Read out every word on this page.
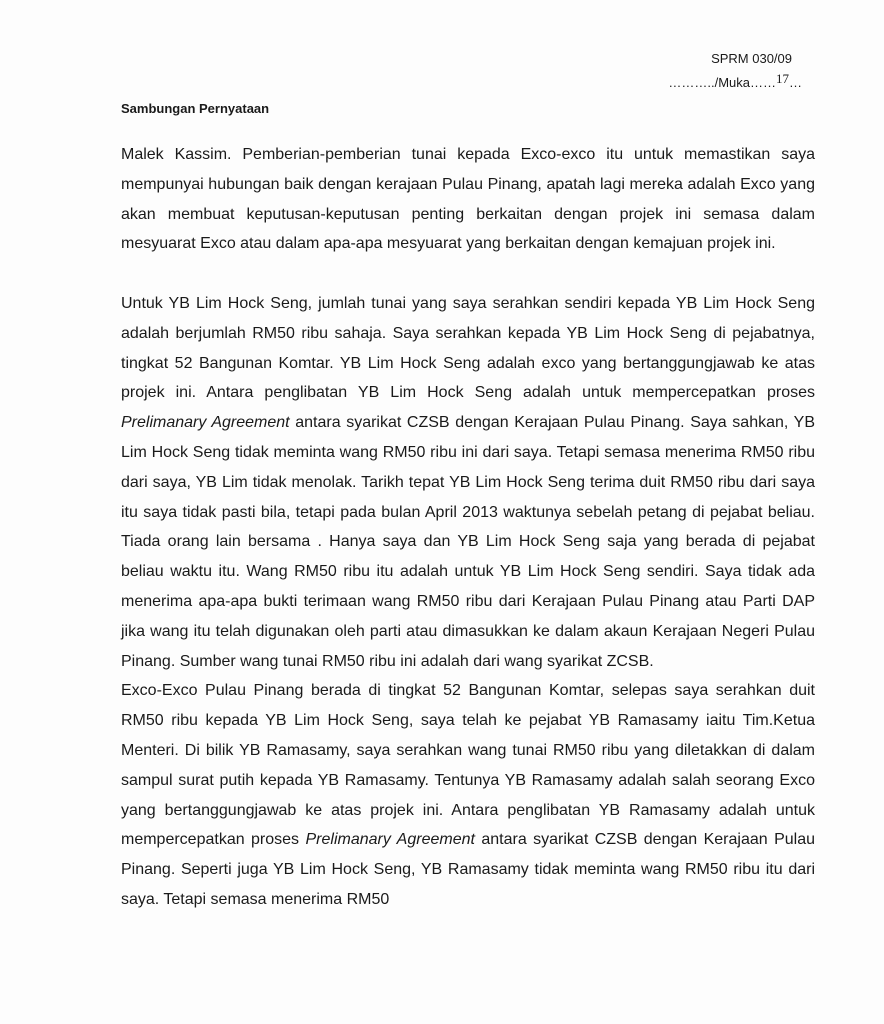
SPRM 030/09
………../Muka……17…
Sambungan Pernyataan

Malek Kassim. Pemberian-pemberian tunai kepada Exco-exco itu untuk memastikan saya mempunyai hubungan baik dengan kerajaan Pulau Pinang, apatah lagi mereka adalah Exco yang akan membuat keputusan-keputusan penting berkaitan dengan projek ini semasa dalam mesyuarat Exco atau dalam apa-apa mesyuarat yang berkaitan dengan kemajuan projek ini.

Untuk YB Lim Hock Seng, jumlah tunai yang saya serahkan sendiri kepada YB Lim Hock Seng adalah berjumlah RM50 ribu sahaja. Saya serahkan kepada YB Lim Hock Seng di pejabatnya, tingkat 52 Bangunan Komtar. YB Lim Hock Seng adalah exco yang bertanggungjawab ke atas projek ini. Antara penglibatan YB Lim Hock Seng adalah untuk mempercepatkan proses Prelimanary Agreement antara syarikat CZSB dengan Kerajaan Pulau Pinang. Saya sahkan, YB Lim Hock Seng tidak meminta wang RM50 ribu ini dari saya. Tetapi semasa menerima RM50 ribu dari saya, YB Lim tidak menolak. Tarikh tepat YB Lim Hock Seng terima duit RM50 ribu dari saya itu saya tidak pasti bila, tetapi pada bulan April 2013 waktunya sebelah petang di pejabat beliau. Tiada orang lain bersama . Hanya saya dan YB Lim Hock Seng saja yang berada di pejabat beliau waktu itu. Wang RM50 ribu itu adalah untuk YB Lim Hock Seng sendiri. Saya tidak ada menerima apa-apa bukti terimaan wang RM50 ribu dari Kerajaan Pulau Pinang atau Parti DAP jika wang itu telah digunakan oleh parti atau dimasukkan ke dalam akaun Kerajaan Negeri Pulau Pinang. Sumber wang tunai RM50 ribu ini adalah dari wang syarikat ZCSB.

Exco-Exco Pulau Pinang berada di tingkat 52 Bangunan Komtar, selepas saya serahkan duit RM50 ribu kepada YB Lim Hock Seng, saya telah ke pejabat YB Ramasamy iaitu Tim.Ketua Menteri. Di bilik YB Ramasamy, saya serahkan wang tunai RM50 ribu yang diletakkan di dalam sampul surat putih kepada YB Ramasamy. Tentunya YB Ramasamy adalah salah seorang Exco yang bertanggungjawab ke atas projek ini. Antara penglibatan YB Ramasamy adalah untuk mempercepatkan proses Prelimanary Agreement antara syarikat CZSB dengan Kerajaan Pulau Pinang. Seperti juga YB Lim Hock Seng, YB Ramasamy tidak meminta wang RM50 ribu itu dari saya. Tetapi semasa menerima RM50
